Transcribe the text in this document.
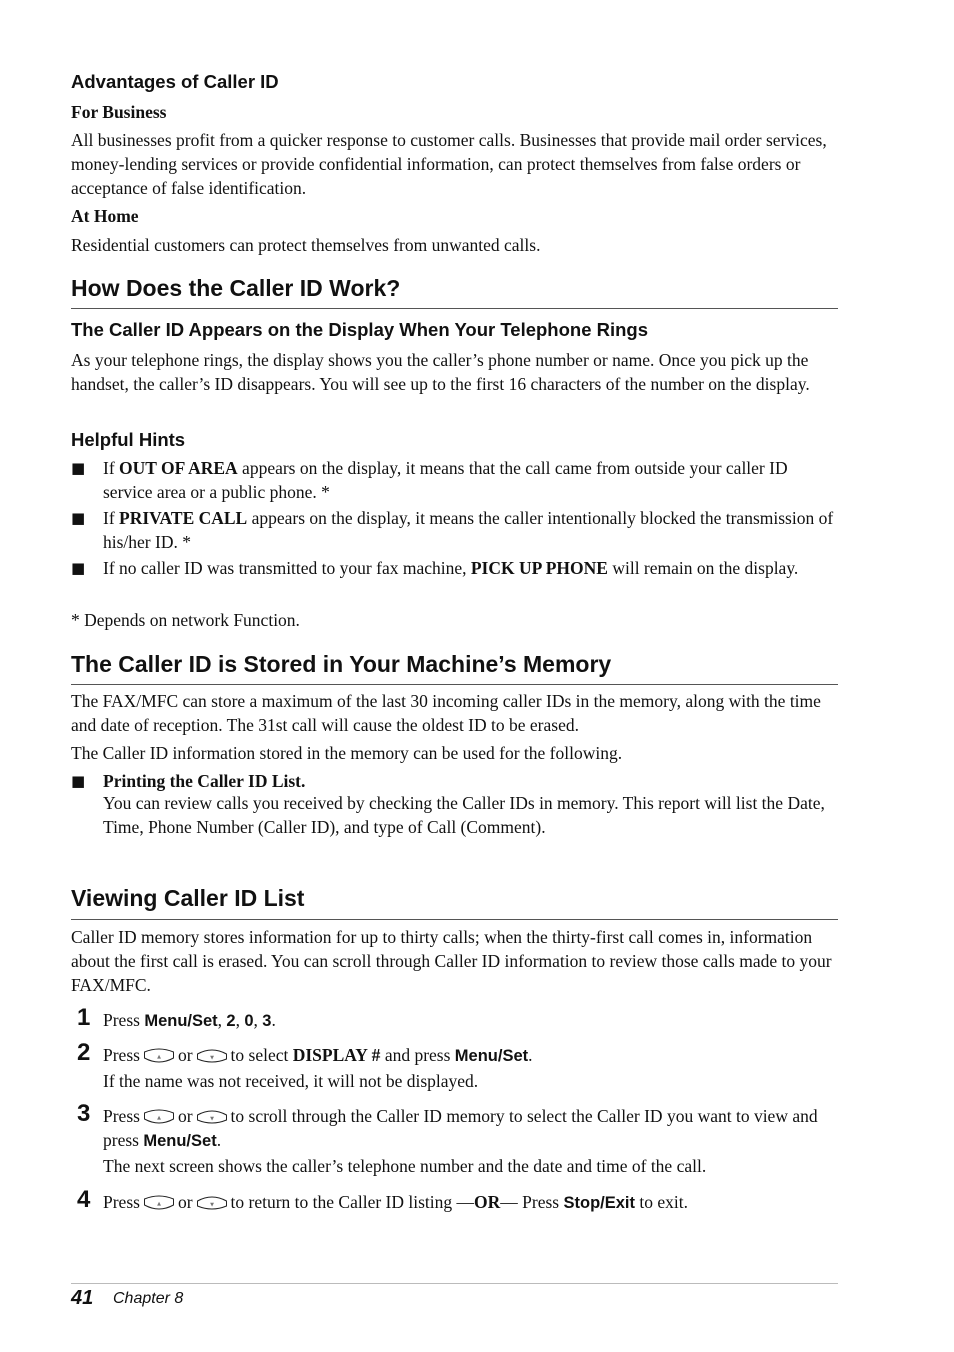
Advantages of Caller ID
For Business
All businesses profit from a quicker response to customer calls. Businesses that provide mail order services, money-lending services or provide confidential information, can protect themselves from false orders or acceptance of false identification.
At Home
Residential customers can protect themselves from unwanted calls.
How Does the Caller ID Work?
The Caller ID Appears on the Display When Your Telephone Rings
As your telephone rings, the display shows you the caller’s phone number or name. Once you pick up the handset, the caller’s ID disappears. You will see up to the first 16 characters of the number on the display.
Helpful Hints
■ If OUT OF AREA appears on the display, it means that the call came from outside your caller ID service area or a public phone. *
■ If PRIVATE CALL appears on the display, it means the caller intentionally blocked the transmission of his/her ID. *
■ If no caller ID was transmitted to your fax machine, PICK UP PHONE will remain on the display.
* Depends on network Function.
The Caller ID is Stored in Your Machine’s Memory
The FAX/MFC can store a maximum of the last 30 incoming caller IDs in the memory, along with the time and date of reception. The 31st call will cause the oldest ID to be erased.
The Caller ID information stored in the memory can be used for the following.
■ Printing the Caller ID List.
You can review calls you received by checking the Caller IDs in memory. This report will list the Date, Time, Phone Number (Caller ID), and type of Call (Comment).
Viewing Caller ID List
Caller ID memory stores information for up to thirty calls; when the thirty-first call comes in, information about the first call is erased. You can scroll through Caller ID information to review those calls made to your FAX/MFC.
1 Press Menu/Set, 2, 0, 3.
2 Press or to select DISPLAY # and press Menu/Set.
If the name was not received, it will not be displayed.
3 Press or to scroll through the Caller ID memory to select the Caller ID you want to view and press Menu/Set.
The next screen shows the caller’s telephone number and the date and time of the call.
4 Press or to return to the Caller ID listing —OR— Press Stop/Exit to exit.
41 Chapter 8
